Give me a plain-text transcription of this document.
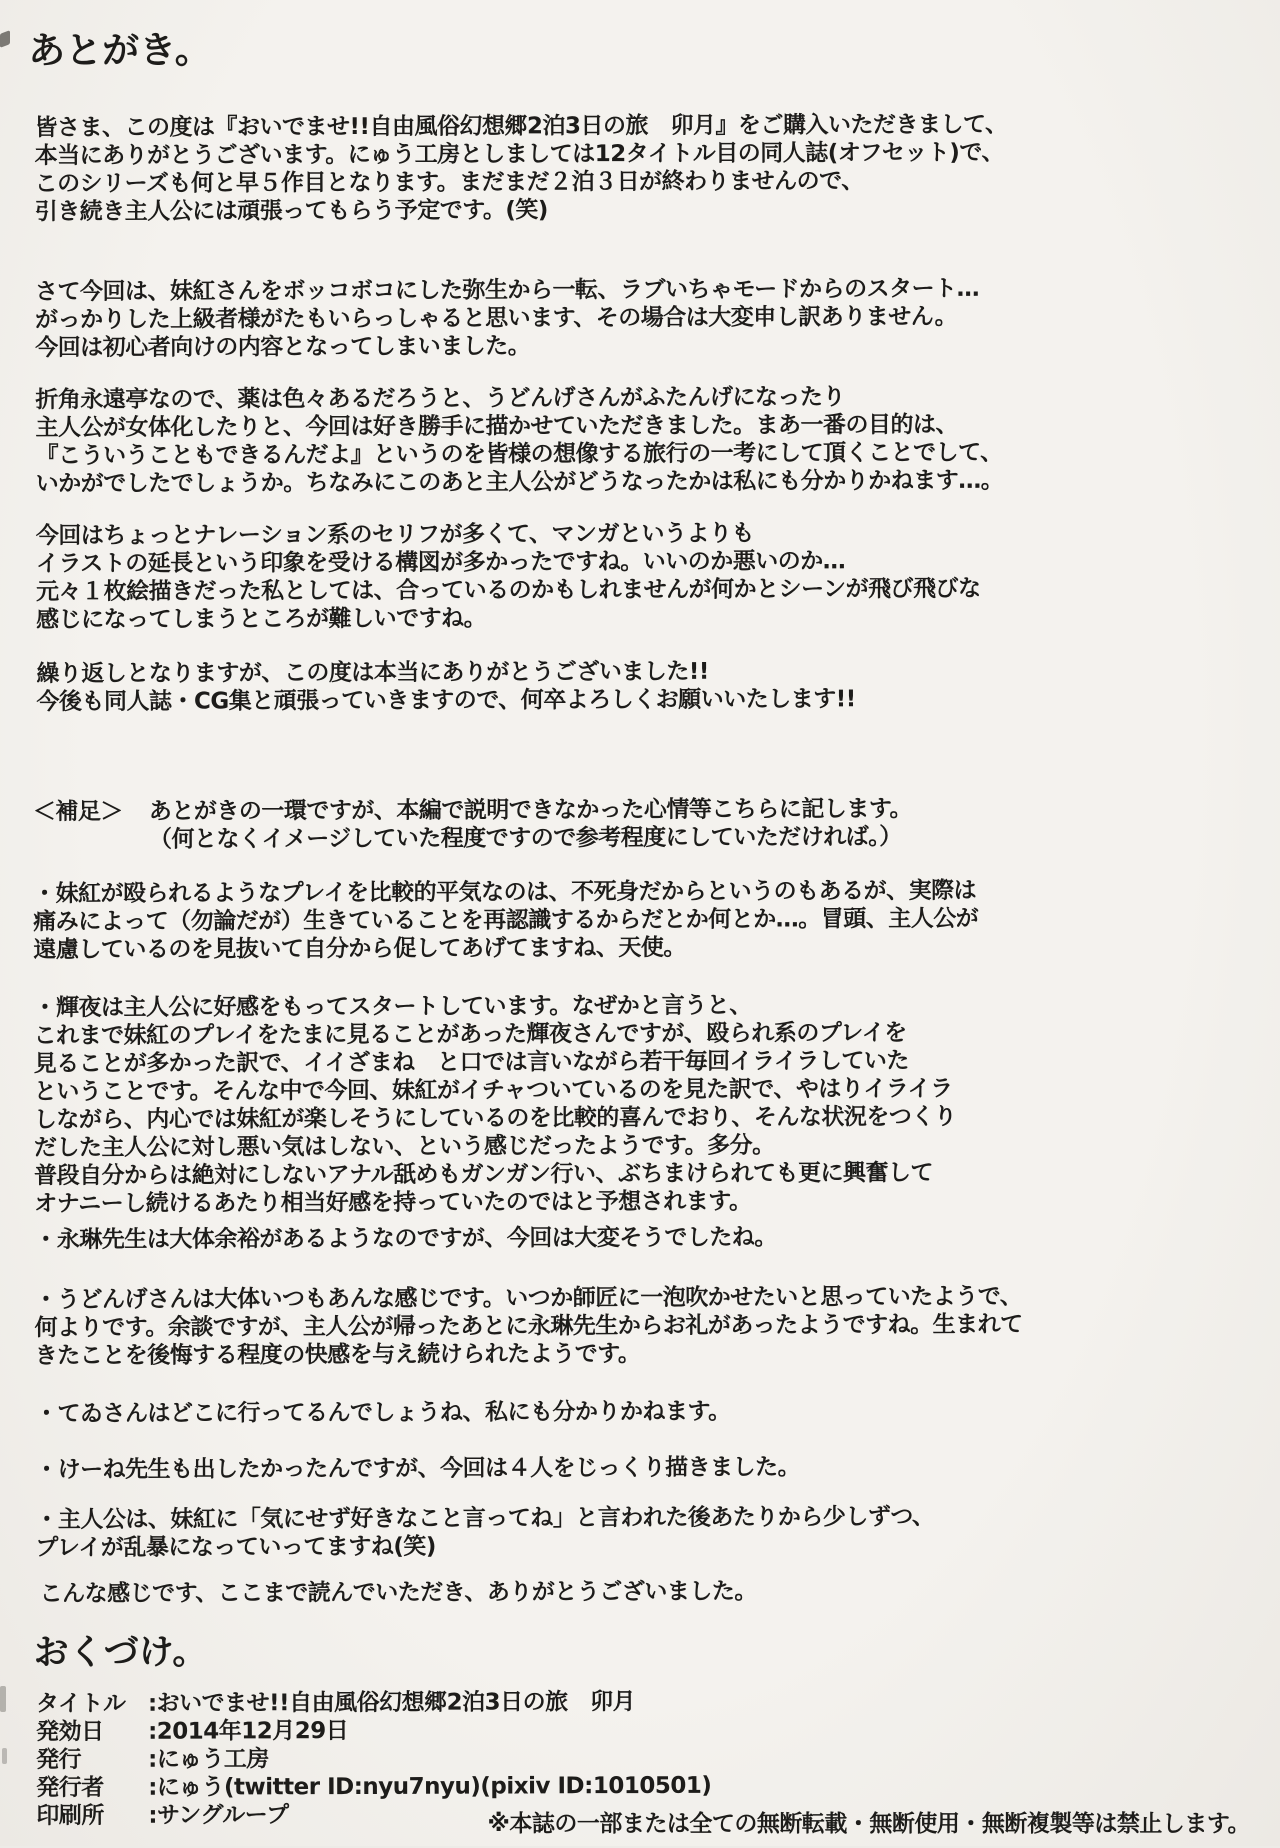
あとがき。
皆さま、この度は『おいでませ!!自由風俗幻想郷2泊3日の旅　卯月』をご購入いただきまして、
本当にありがとうございます。にゅう工房としましては12タイトル目の同人誌(オフセット)で、
このシリーズも何と早５作目となります。まだまだ２泊３日が終わりませんので、
引き続き主人公には頑張ってもらう予定です。(笑)
さて今回は、妹紅さんをボッコボコにした弥生から一転、ラブいちゃモードからのスタート…
がっかりした上級者様がたもいらっしゃると思います、その場合は大変申し訳ありません。
今回は初心者向けの内容となってしまいました。
折角永遠亭なので、薬は色々あるだろうと、うどんげさんがふたんげになったり
主人公が女体化したりと、今回は好き勝手に描かせていただきました。まあ一番の目的は、
『こういうこともできるんだよ』というのを皆様の想像する旅行の一考にして頂くことでして、
いかがでしたでしょうか。ちなみにこのあと主人公がどうなったかは私にも分かりかねます…。
今回はちょっとナレーション系のセリフが多くて、マンガというよりも
イラストの延長という印象を受ける構図が多かったですね。いいのか悪いのか…
元々１枚絵描きだった私としては、合っているのかもしれませんが何かとシーンが飛び飛びな
感じになってしまうところが難しいですね。
繰り返しとなりますが、この度は本当にありがとうございました!!
今後も同人誌・CG集と頑張っていきますので、何卒よろしくお願いいたします!!
＜補足＞ あとがきの一環ですが、本編で説明できなかった心情等こちらに記します。
（何となくイメージしていた程度ですので参考程度にしていただければ。）
・妹紅が殴られるようなプレイを比較的平気なのは、不死身だからというのもあるが、実際は
痛みによって（勿論だが）生きていることを再認識するからだとか何とか…。冒頭、主人公が
遠慮しているのを見抜いて自分から促してあげてますね、天使。
・輝夜は主人公に好感をもってスタートしています。なぜかと言うと、
これまで妹紅のプレイをたまに見ることがあった輝夜さんですが、殴られ系のプレイを
見ることが多かった訳で、イイざまね　と口では言いながら若干毎回イライラしていた
ということです。そんな中で今回、妹紅がイチャついているのを見た訳で、やはりイライラ
しながら、内心では妹紅が楽しそうにしているのを比較的喜んでおり、そんな状況をつくり
だした主人公に対し悪い気はしない、という感じだったようです。多分。
普段自分からは絶対にしないアナル舐めもガンガン行い、ぶちまけられても更に興奮して
オナニーし続けるあたり相当好感を持っていたのではと予想されます。
・永琳先生は大体余裕があるようなのですが、今回は大変そうでしたね。
・うどんげさんは大体いつもあんな感じです。いつか師匠に一泡吹かせたいと思っていたようで、
何よりです。余談ですが、主人公が帰ったあとに永琳先生からお礼があったようですね。生まれて
きたことを後悔する程度の快感を与え続けられたようです。
・てゐさんはどこに行ってるんでしょうね、私にも分かりかねます。
・けーね先生も出したかったんですが、今回は４人をじっくり描きました。
・主人公は、妹紅に「気にせず好きなこと言ってね」と言われた後あたりから少しずつ、
プレイが乱暴になっていってますね(笑)
こんな感じです、ここまで読んでいただき、ありがとうございました。
おくづけ。
タイトル :おいでませ!!自由風俗幻想郷2泊3日の旅　卯月
発効日	:2014年12月29日
発行	:にゅう工房
発行者	:にゅう(twitter ID:nyu7nyu)(pixiv ID:1010501)
印刷所	:サングループ	※本誌の一部または全ての無断転載・無断使用・無断複製等は禁止します。
